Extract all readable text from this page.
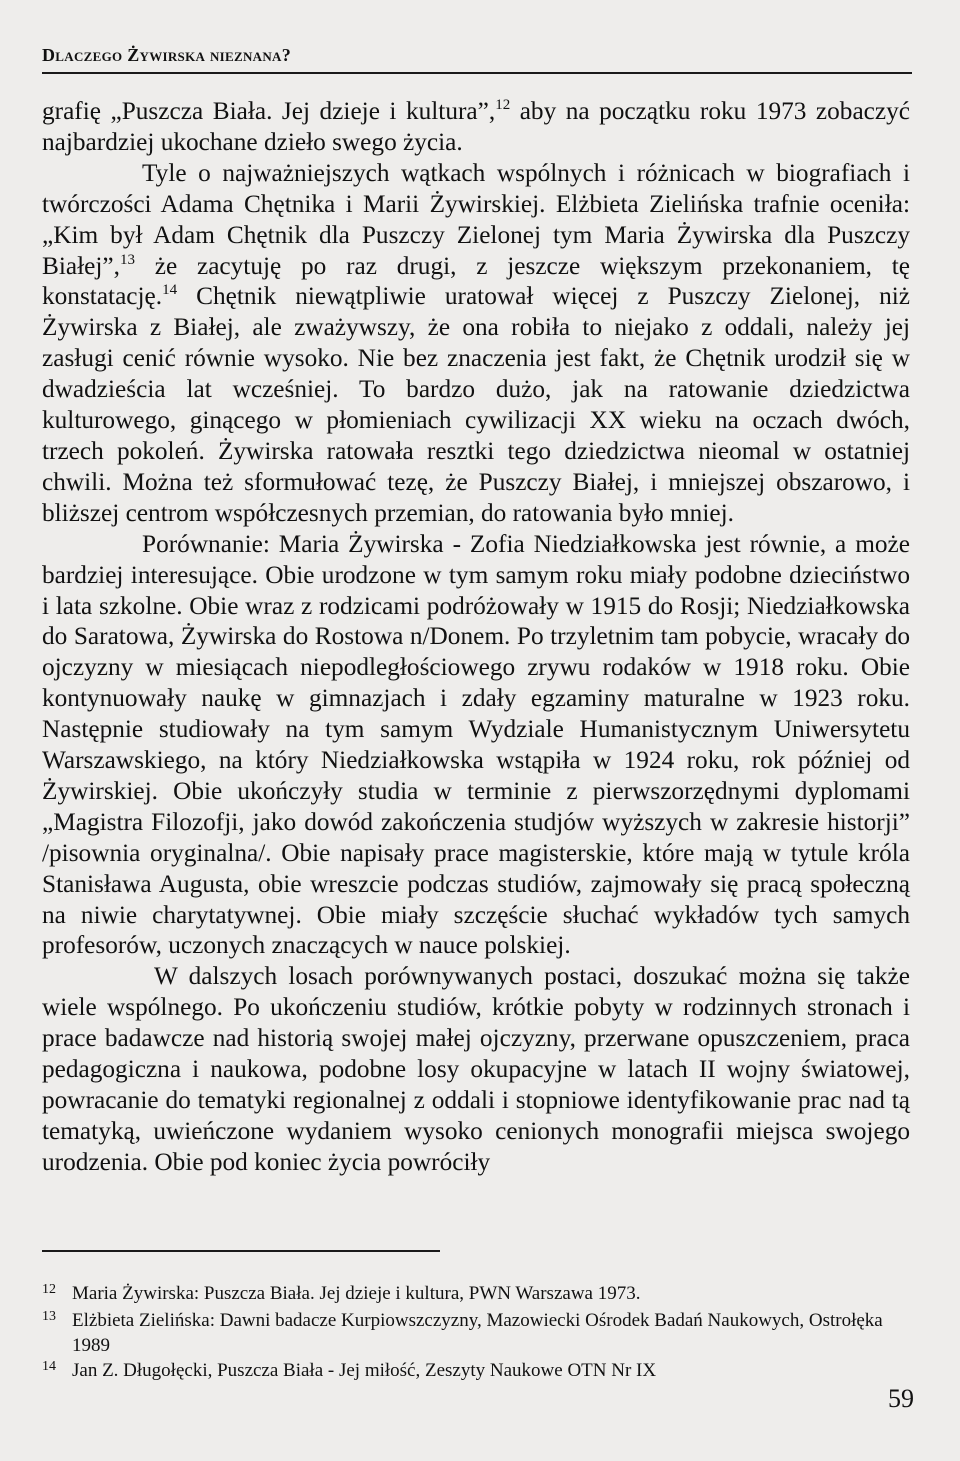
Dlaczego Żywirska nieznana?

grafię „Puszcza Biała. Jej dzieje i kultura”,$^{12}$ aby na początku roku 1973 zobaczyć najbardziej ukochane dzieło swego życia.

Tyle o najważniejszych wątkach wspólnych i różnicach w biografiach i twórczości Adama Chętnika i Marii Żywirskiej. Elżbieta Zielińska trafnie oceniła: „Kim był Adam Chętnik dla Puszczy Zielonej tym Maria Żywirska dla Puszczy Białej”,$^{13}$ że zacytuję po raz drugi, z jeszcze większym przekonaniem, tę konstatację.$^{14}$ Chętnik niewątpliwie uratował więcej z Puszczy Zielonej, niż Żywirska z Białej, ale zważywszy, że ona robiła to niejako z oddali, należy jej zasługi cenić równie wysoko. Nie bez znaczenia jest fakt, że Chętnik urodził się w dwadzieścia lat wcześniej. To bardzo dużo, jak na ratowanie dziedzictwa kulturowego, ginącego w płomieniach cywilizacji XX wieku na oczach dwóch, trzech pokoleń. Żywirska ratowała resztki tego dziedzictwa nieomal w ostatniej chwili. Można też sformułować tezę, że Puszczy Białej, i mniejszej obszarowo, i bliższej centrom współczesnych przemian, do ratowania było mniej.

Porównanie: Maria Żywirska - Zofia Niedziałkowska jest równie, a może bardziej interesujące. Obie urodzone w tym samym roku miały podobne dzieciństwo i lata szkolne. Obie wraz z rodzicami podróżowały w 1915 do Rosji; Niedziałkowska do Saratowa, Żywirska do Rostowa n/Donem. Po trzyletnim tam pobycie, wracały do ojczyzny w miesiącach niepodległościowego zrywu rodaków w 1918 roku. Obie kontynuowały naukę w gimnazjach i zdały egzaminy maturalne w 1923 roku. Następnie studiowały na tym samym Wydziale Humanistycznym Uniwersytetu Warszawskiego, na który Niedziałkowska wstąpiła w 1924 roku, rok później od Żywirskiej. Obie ukończyły studia w terminie z pierwszorzędnymi dyplomami „Magistra Filozofji, jako dowód zakończenia studjów wyższych w zakresie historji” /pisownia oryginalna/. Obie napisały prace magisterskie, które mają w tytule króla Stanisława Augusta, obie wreszcie podczas studiów, zajmowały się pracą społeczną na niwie charytatywnej. Obie miały szczęście słuchać wykładów tych samych profesorów, uczonych znaczących w nauce polskiej.

W dalszych losach porównywanych postaci, doszukać można się także wiele wspólnego. Po ukończeniu studiów, krótkie pobyty w rodzinnych stronach i prace badawcze nad historią swojej małej ojczyzny, przerwane opuszczeniem, praca pedagogiczna i naukowa, podobne losy okupacyjne w latach II wojny światowej, powracanie do tematyki regionalnej z oddali i stopniowe identyfikowanie prac nad tą tematyką, uwieńczone wydaniem wysoko cenionych monografii miejsca swojego urodzenia. Obie pod koniec życia powróciły

12 Maria Żywirska: Puszcza Biała. Jej dzieje i kultura, PWN Warszawa 1973.

13 Elżbieta Zielińska: Dawni badacze Kurpiowszczyzny, Mazowiecki Ośrodek Badań Naukowych, Ostrołęka 1989

14 Jan Z. Długołęcki, Puszcza Biała - Jej miłość, Zeszyty Naukowe OTN Nr IX

59
